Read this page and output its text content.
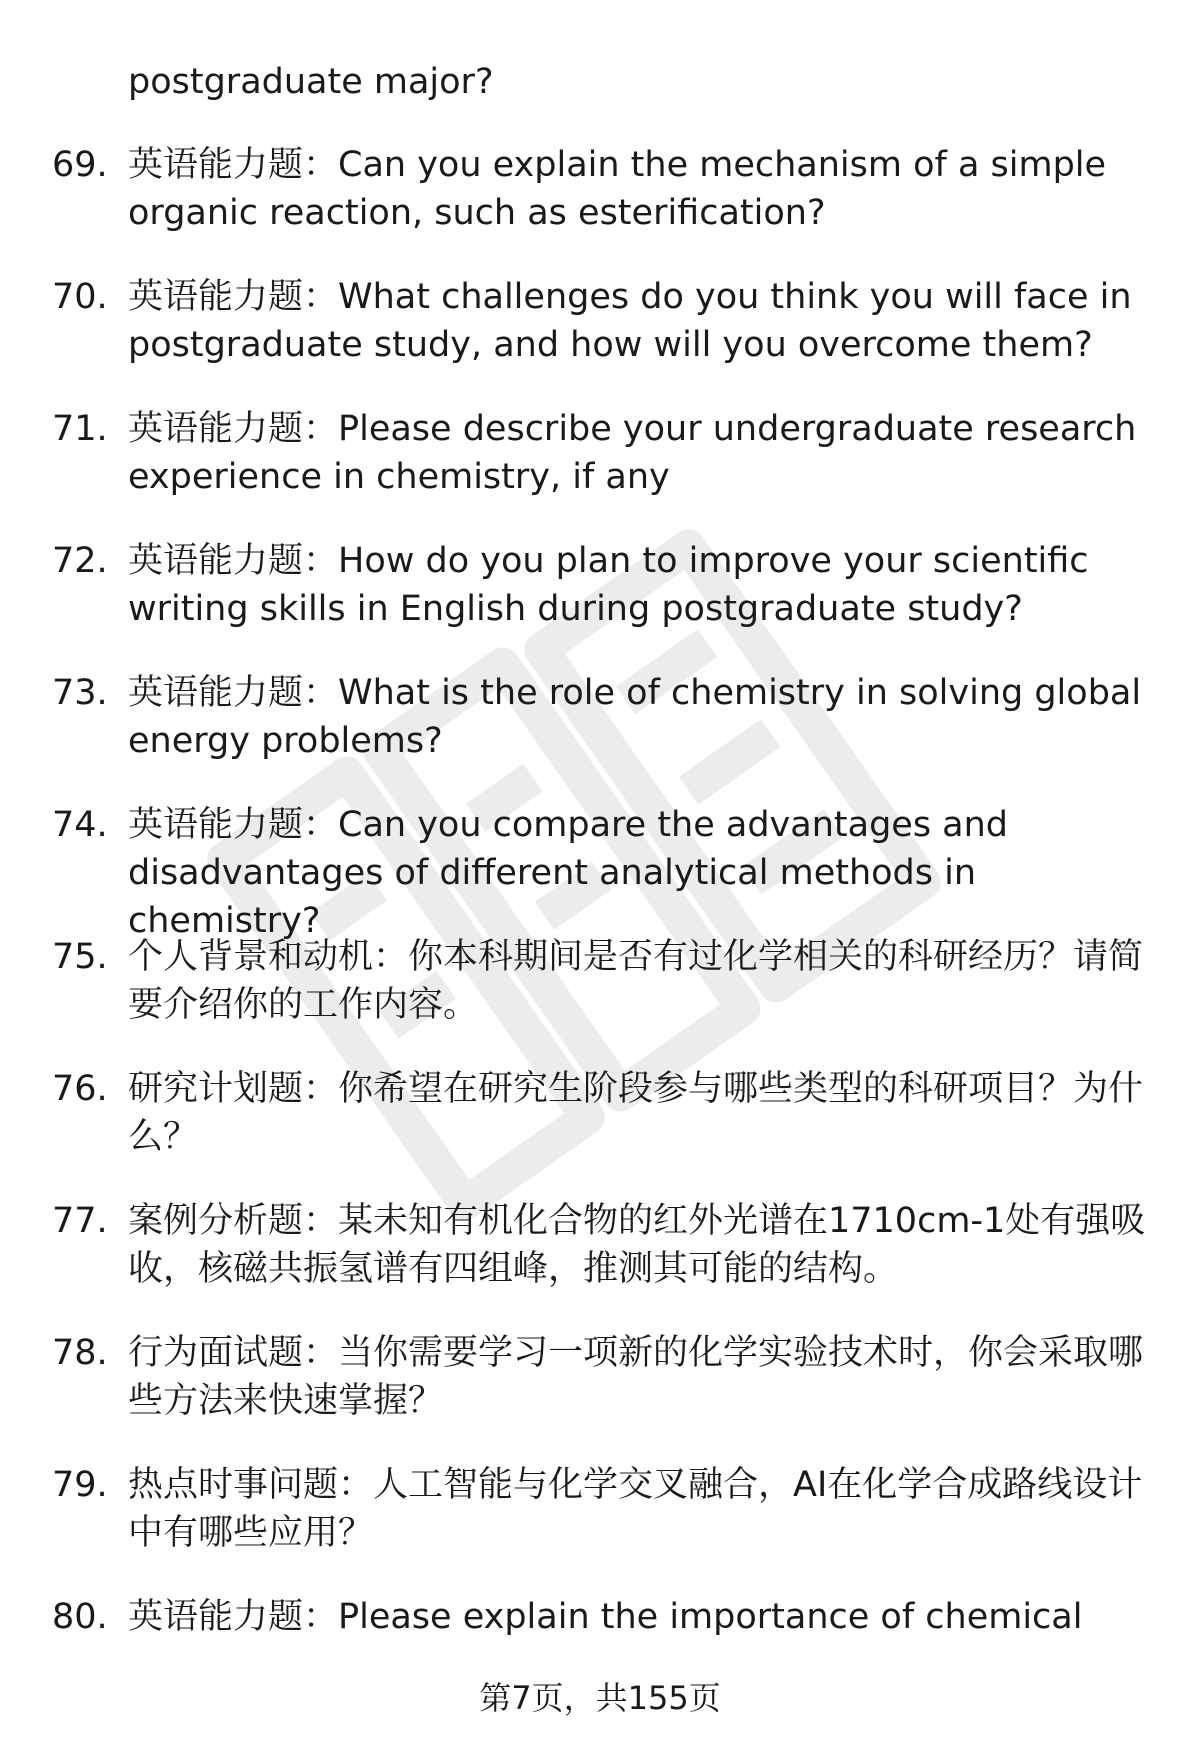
postgraduate major?
69. 英语能力题：Can you explain the mechanism of a simple organic reaction, such as esterification?
70. 英语能力题：What challenges do you think you will face in postgraduate study, and how will you overcome them?
71. 英语能力题：Please describe your undergraduate research experience in chemistry, if any
72. 英语能力题：How do you plan to improve your scientific writing skills in English during postgraduate study?
73. 英语能力题：What is the role of chemistry in solving global energy problems?
74. 英语能力题：Can you compare the advantages and disadvantages of different analytical methods in chemistry?
75. 个人背景和动机：你本科期间是否有过化学相关的科研经历？请简要介绍你的工作内容。
76. 研究计划题：你希望在研究生阶段参与哪些类型的科研项目？为什么？
77. 案例分析题：某未知有机化合物的红外光谱在1710cm-1处有强吸收，核磁共振氢谱有四组峰，推测其可能的结构。
78. 行为面试题：当你需要学习一项新的化学实验技术时，你会采取哪些方法来快速掌握？
79. 热点时事问题：人工智能与化学交叉融合，AI在化学合成路线设计中有哪些应用？
80. 英语能力题：Please explain the importance of chemical
第7页，共155页
